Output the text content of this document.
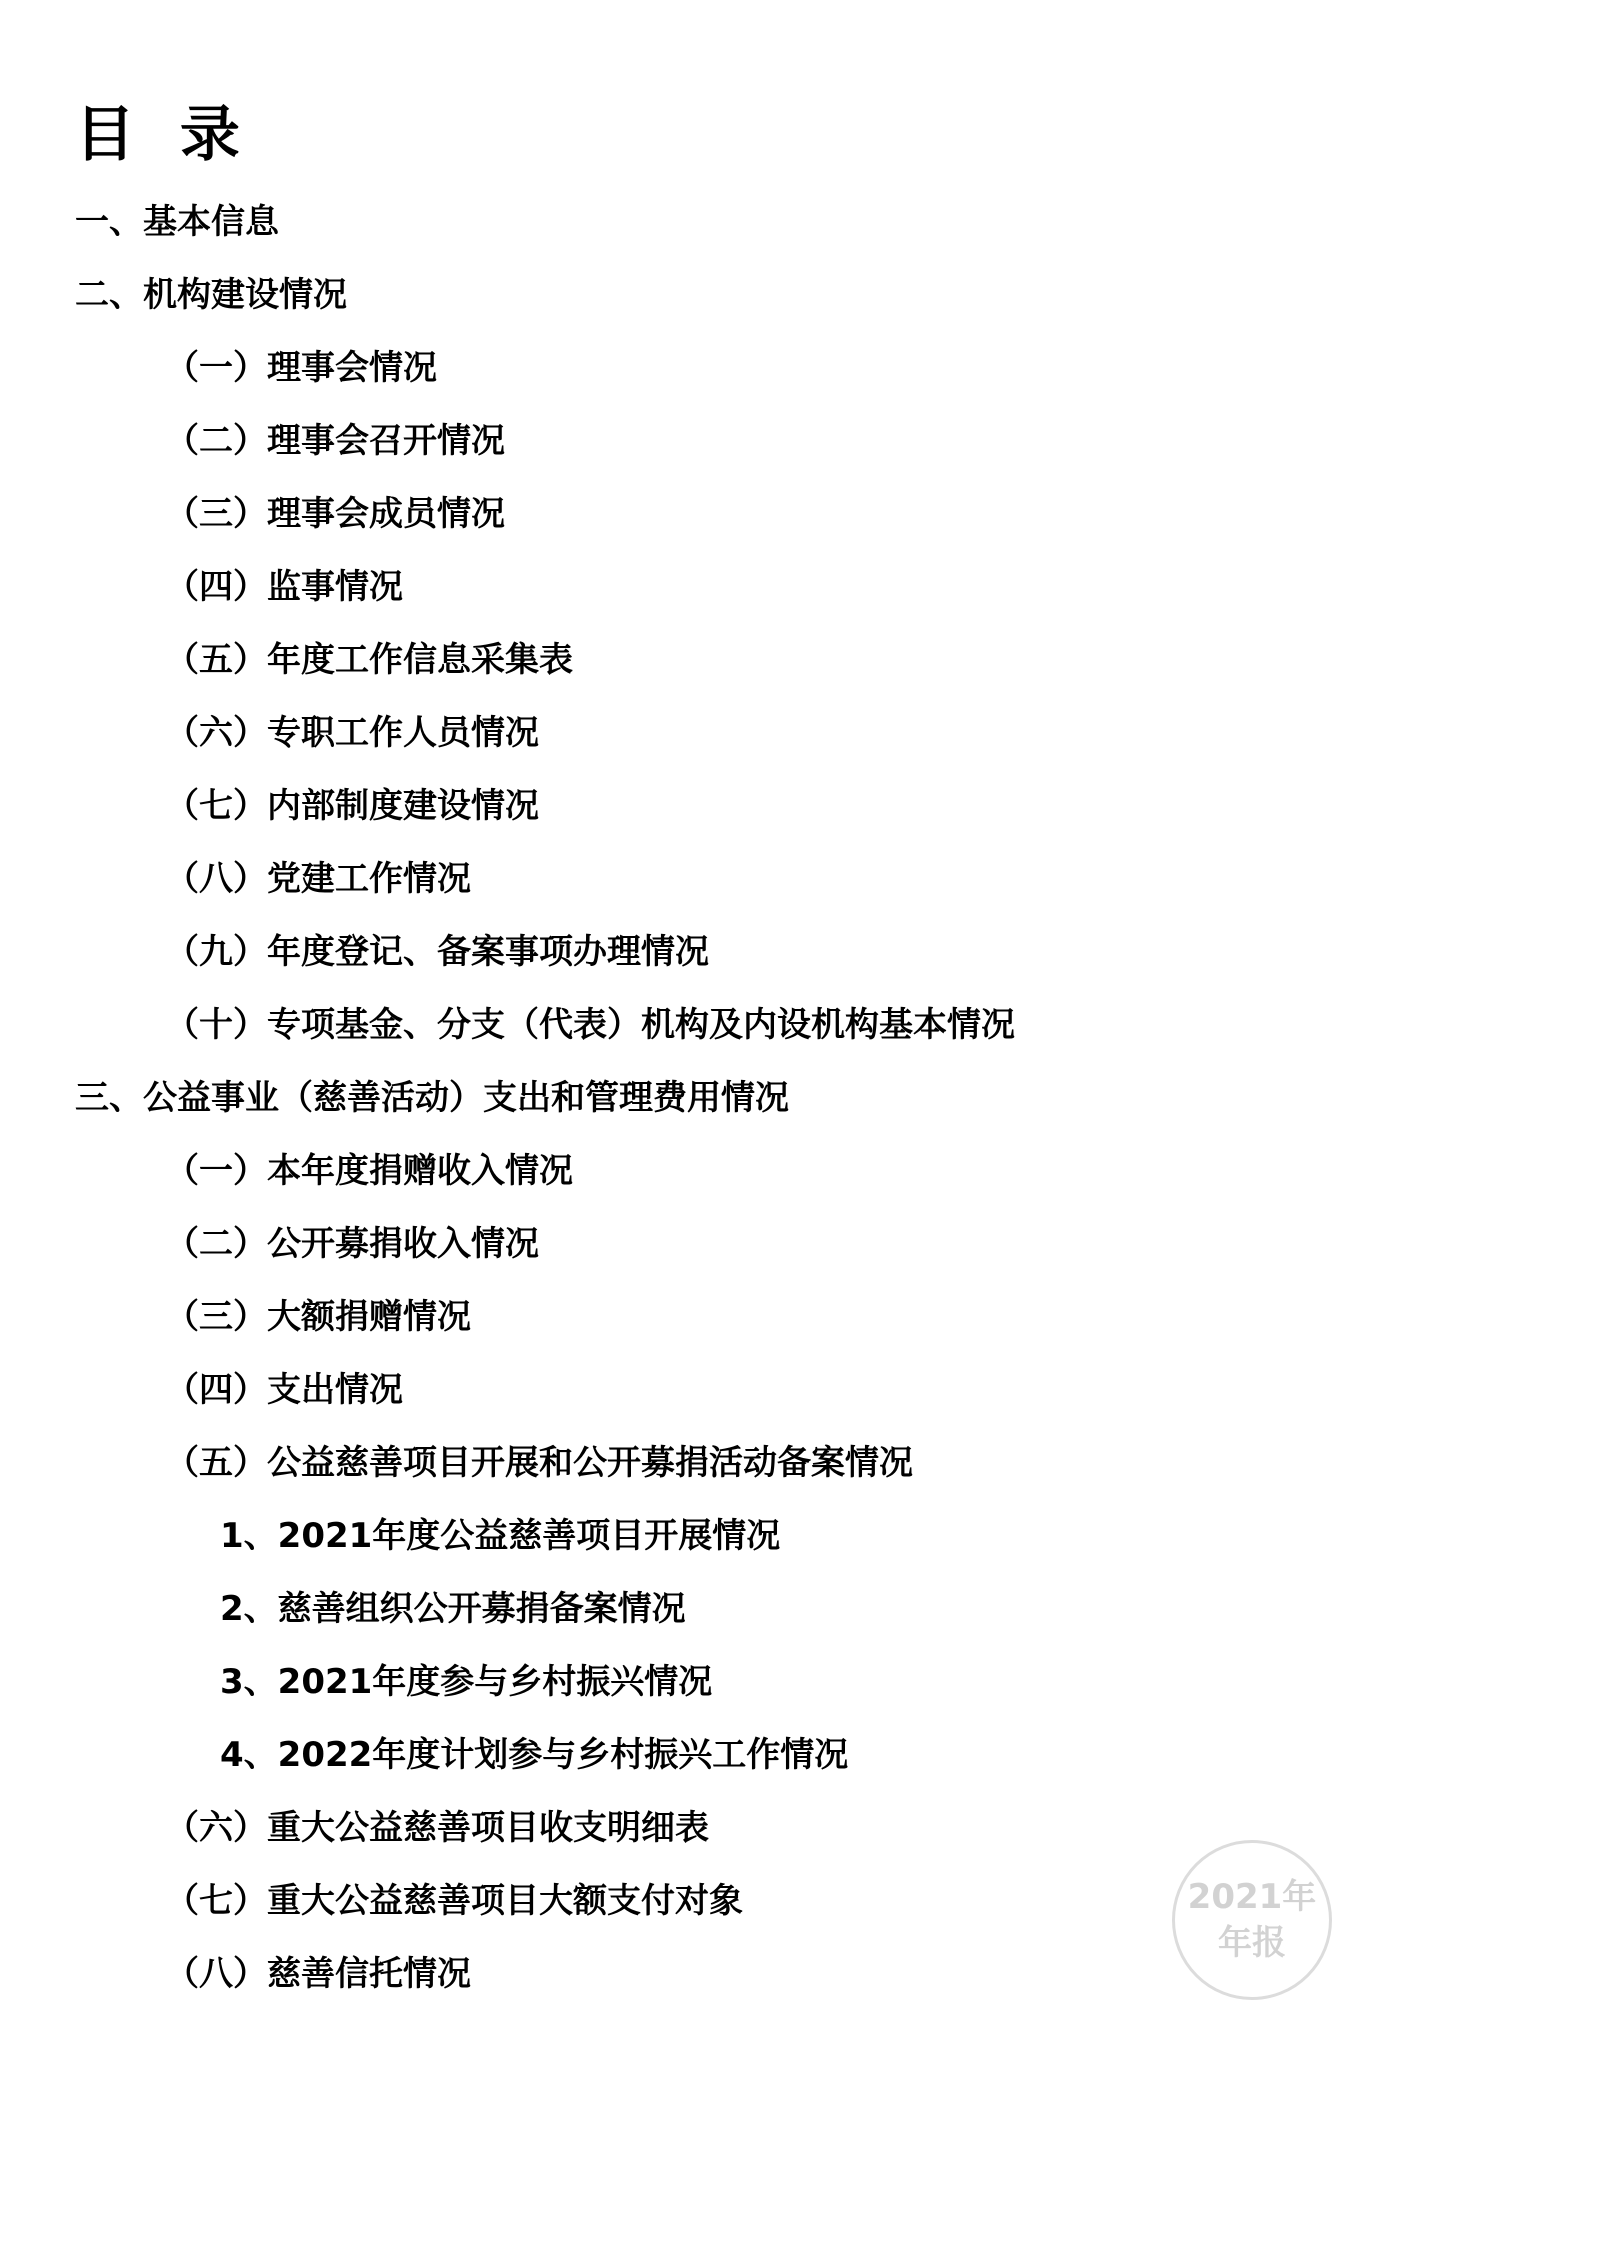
目 录
一、基本信息
二、机构建设情况
（一）理事会情况
（二）理事会召开情况
（三）理事会成员情况
（四）监事情况
（五）年度工作信息采集表
（六）专职工作人员情况
（七）内部制度建设情况
（八）党建工作情况
（九）年度登记、备案事项办理情况
（十）专项基金、分支（代表）机构及内设机构基本情况
三、公益事业（慈善活动）支出和管理费用情况
（一）本年度捐赠收入情况
（二）公开募捐收入情况
（三）大额捐赠情况
（四）支出情况
（五）公益慈善项目开展和公开募捐活动备案情况
1、2021年度公益慈善项目开展情况
2、慈善组织公开募捐备案情况
3、2021年度参与乡村振兴情况
4、2022年度计划参与乡村振兴工作情况
（六）重大公益慈善项目收支明细表
（七）重大公益慈善项目大额支付对象
（八）慈善信托情况
2021年
年报
